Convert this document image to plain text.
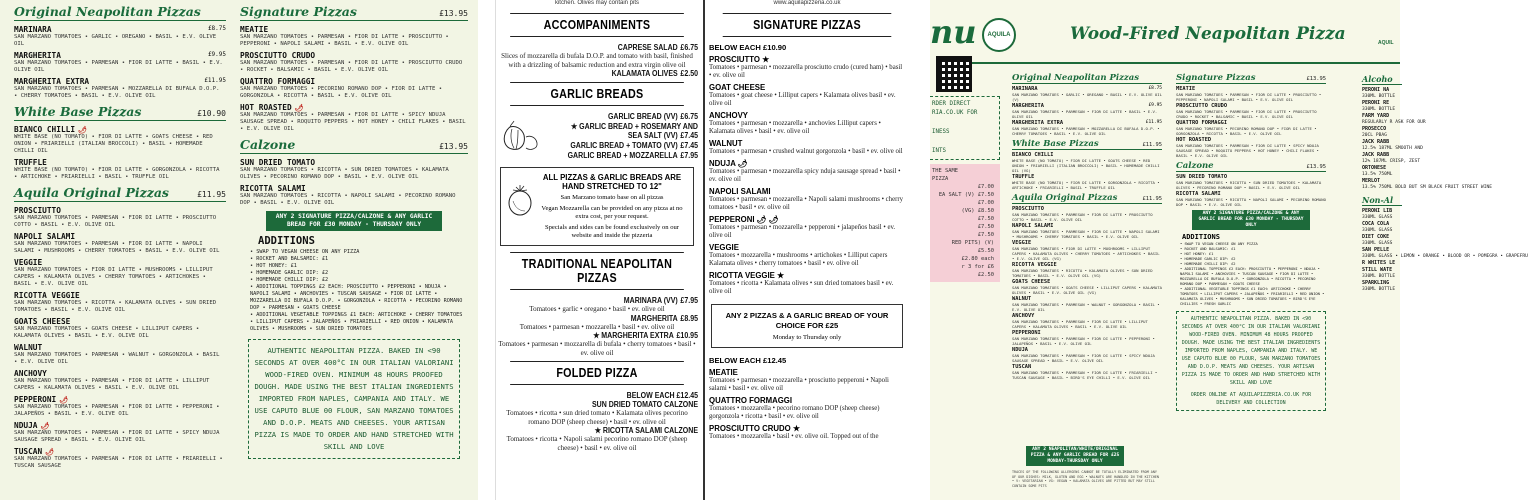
Original Neapolitan Pizzas
MARINARA	£8.75
SAN MARZANO TOMATOES • GARLIC • OREGANO • BASIL • E.V. OLIVE OIL
MARGHERITA	£9.95
SAN MARZANO TOMATOES • PARMESAN • FIOR DI LATTE • BASIL • E.V. OLIVE OIL
MARGHERITA EXTRA	£11.95
SAN MARZANO TOMATOES • PARMESAN • MOZZARELLA DI BUFALA D.O.P. • CHERRY TOMATOES • BASIL • E.V. OLIVE OIL
White Base Pizzas	£10.90
BIANCO CHILLI 🌶
WHITE BASE (NO TOMATO) • FIOR DI LATTE • GOATS CHEESE • RED ONION • FRIARIELLI (ITALIAN BROCCOLI) • BASIL • HOMEMADE CHILLI OIL
TRUFFLE
WHITE BASE (NO TOMATO) • FIOR DI LATTE • GORGONZOLA • RICOTTA • ARTICHOKE • FRIARIELLI • BASIL • TRUFFLE OIL
Aquila Original Pizzas	£11.95
PROSCIUTTO
SAN MARZANO TOMATOES • PARMESAN • FIOR DI LATTE • PROSCIUTTO COTTO • BASIL • E.V. OLIVE OIL
NAPOLI SALAMI
SAN MARZANO TOMATOES • PARMESAN • FIOR DI LATTE • NAPOLI SALAMI • MUSHROOMS • CHERRY TOMATOES • BASIL • E.V. OLIVE OIL
VEGGIE
SAN MARZANO TOMATOES • FIOR DI LATTE • MUSHROOMS • LILLIPUT CAPERS • KALAMATA OLIVES • CHERRY TOMATOES • ARTICHOKES • BASIL • E.V. OLIVE OIL
RICOTTA VEGGIE
SAN MARZANO TOMATOES • RICOTTA • KALAMATA OLIVES • SUN DRIED TOMATOES • BASIL • E.V. OLIVE OIL
GOATS CHEESE
SAN MARZANO TOMATOES • GOATS CHEESE • LILLIPUT CAPERS • KALAMATA OLIVES • BASIL • E.V. OLIVE OIL
WALNUT
SAN MARZANO TOMATOES • PARMESAN • WALNUT • GORGONZOLA • BASIL • E.V. OLIVE OIL
ANCHOVY
SAN MARZANO TOMATOES • PARMESAN • FIOR DI LATTE • LILLIPUT CAPERS • KALAMATA OLIVES • BASIL • E.V. OLIVE OIL
PEPPERONI 🌶
SAN MARZANO TOMATOES • PARMESAN • FIOR DI LATTE • PEPPERONI • JALAPEÑOS • BASIL • E.V. OLIVE OIL
NDUJA 🌶
SAN MARZANO TOMATOES • PARMESAN • FIOR DI LATTE • SPICY NDUJA SAUSAGE SPREAD • BASIL • E.V. OLIVE OIL
TUSCAN 🌶
SAN MARZANO TOMATOES • PARMESAN • FIOR DI LATTE • FRIARIELLI • TUSCAN SAUSAGE
Signature Pizzas	£13.95
MEATIE
SAN MARZANO TOMATOES • PARMESAN • FIOR DI LATTE • PROSCIUTTO • PEPPERONI • NAPOLI SALAMI • BASIL • E.V. OLIVE OIL
PROSCIUTTO CRUDO
SAN MARZANO TOMATOES • PARMESAN • FIOR DI LATTE • PROSCIUTTO CRUDO • ROCKET • BALSAMIC • BASIL • E.V. OLIVE OIL
QUATTRO FORMAGGI
SAN MARZANO TOMATOES • PECORINO ROMANO DOP • FIOR DI LATTE • GORGONZOLA • RICOTTA • BASIL • E.V. OLIVE OIL
HOT ROASTED 🌶
SAN MARZANO TOMATOES • PARMESAN • FIOR DI LATTE • SPICY NDUJA SAUSAGE SPREAD • ROQUITO PEPPERS • HOT HONEY • CHILI FLAKES • BASIL • E.V. OLIVE OIL
Calzone	£13.95
SUN DRIED TOMATO
SAN MARZANO TOMATOES • RICOTTA • SUN DRIED TOMATOES • KALAMATA OLIVES • PECORINO ROMANO DOP • BASIL • E.V. OLIVE OIL
RICOTTA SALAMI
SAN MARZANO TOMATOES • RICOTTA • NAPOLI SALAMI • PECORINO ROMANO DOP • BASIL • E.V. OLIVE OIL
ANY 2 SIGNATURE PIZZA/CALZONE & ANY GARLIC BREAD FOR £30 MONDAY - THURSDAY ONLY
ADDITIONS
• SWAP TO VEGAN CHEESE ON ANY PIZZA
• ROCKET AND BALSAMIC: £1
• HOT HONEY: £1
• HOMEMADE GARLIC DIP: £2
• HOMEMADE CHILLI DIP: £2
• ADDITIONAL TOPPINGS £2 EACH: PROSCIUTTO • PEPPERONI • NDUJA • NAPOLI SALAMI • ANCHOVIES • TUSCAN SAUSAGE • FIOR DI LATTE • MOZZARELLA DI BUFALA D.O.P. • GORGONZOLA • RICOTTA • PECORINO ROMANO DOP • PARMESAN • GOATS CHEESE
• ADDITIONAL VEGETABLE TOPPINGS £1 EACH: ARTICHOKE • CHERRY TOMATOES • LILLIPUT CAPERS • JALAPEÑOS • FRIARIELLI • RED ONION • KALAMATA OLIVES • MUSHROOMS • SUN DRIED TOMATOES
AUTHENTIC NEAPOLITAN PIZZA. BAKED IN <90 SECONDS AT OVER 400°C IN OUR ITALIAN VALORIANI WOOD-FIRED OVEN. MINIMUM 48 HOURS PROOFED DOUGH. MADE USING THE BEST ITALIAN INGREDIENTS IMPORTED FROM NAPLES, CAMPANIA AND ITALY. WE USE CAPUTO BLUE 00 FLOUR, SAN MARZANO TOMATOES AND D.O.P. MEATS AND CHEESES. YOUR ARTISAN PIZZA IS MADE TO ORDER AND HAND STRETCHED WITH SKILL AND LOVE
kitchen. Olives may contain pits
ACCOMPANIMENTS
CAPRESE SALAD £6.75
Slices of mozzarella di bufala D.O.P. and tomato with basil, finished with a drizzling of balsamic reduction and extra virgin olive oil
KALAMATA OLIVES £2.50
GARLIC BREADS
GARLIC BREAD (VV) £6.75
★ GARLIC BREAD + ROSEMARY AND SEA SALT (VV) £7.45
GARLIC BREAD + TOMATO (VV) £7.45
GARLIC BREAD + MOZZARELLA £7.95
ALL PIZZAS & GARLIC BREADS ARE HAND STRETCHED TO 12"
San Marzano tomato base on all pizzas
Vegan Mozzarella can be provided on any pizza at no extra cost, per your request.
Specials and sides can be found exclusively on our website and inside the pizzeria
TRADITIONAL NEAPOLITAN PIZZAS
MARINARA (VV) £7.95
Tomatoes • garlic • oregano • basil • ev. olive oil
MARGHERITA £8.95
Tomatoes • parmesan • mozzarella • basil • ev. olive oil
★ MARGHERITA EXTRA £10.95
Tomatoes • parmesan • mozzarella di bufala • cherry tomatoes • basil • ev. olive oil
FOLDED PIZZA
BELOW EACH £12.45
SUN DRIED TOMATO CALZONE
Tomatoes • ricotta • sun dried tomato • Kalamata olives pecorino romano DOP (sheep cheese) • basil • ev. olive oil
★ RICOTTA SALAMI CALZONE
Tomatoes • ricotta • Napoli salami pecorino romano DOP (sheep cheese) • basil • ev. olive oil
www.aquilapizzeria.co.uk
SIGNATURE PIZZAS
BELOW EACH £10.90
PROSCIUTTO ★
Tomatoes • parmesan • mozzarella prosciutto crudo (cured ham) • basil • ev. olive oil
GOAT CHEESE
Tomatoes • goat cheese • Lilliput capers • Kalamata olives basil • ev. olive oil
ANCHOVY
Tomatoes • parmesan • mozzarella • anchovies Lilliput capers • Kalamata olives • basil • ev. olive oil
WALNUT
Tomatoes • parmesan • crushed walnut gorgonzola • basil • ev. olive oil
NDUJA 🌶
Tomatoes • parmesan • mozzarella spicy nduja sausage spread • basil • ev. olive oil
NAPOLI SALAMI
Tomatoes • parmesan • mozzarella • Napoli salami mushrooms • cherry tomatoes • basil • ev. olive oil
PEPPERONI 🌶 🌶
Tomatoes • parmesan • mozzarella • pepperoni • jalapeños basil • ev. olive oil
VEGGIE
Tomatoes • mozzarella • mushrooms • artichokes • Lilliput capers Kalamata olives • cherry tomatoes • basil • ev. olive oil
RICOTTA VEGGIE ★
Tomatoes • ricotta • Kalamata olives • sun dried tomatoes basil • ev. olive oil
ANY 2 PIZZAS & A GARLIC BREAD OF YOUR CHOICE FOR £25
Monday to Thursday only
BELOW EACH £12.45
MEATIE
Tomatoes • parmesan • mozzarella • prosciutto pepperoni • Napoli salami • basil • ev. olive oil
QUATTRO FORMAGGI
Tomatoes • mozzarella • pecorino romano DOP (sheep cheese) gorgonzola • ricotta • basil • ev. olive oil
PROSCIUTTO CRUDO ★
Tomatoes • mozzarella • basil • ev. olive oil. Topped out of the
nu	AQUILA	Wood-Fired Neapolitan Pizza	AQUIL
RDER DIRECT
RIA.CO.UK FOR
INESS
INTS
THE SAME
PIZZA
£7.00
EA SALT (V) £7.50
£7.00
(VG) £8.50
£7.50
£7.50
£7.50
RED PITS) (V)
£5.50
£2.80 each
r 3 for £6
£2.50
Original Neapolitan Pizzas
MARINARA	£8.75
SAN MARZANO TOMATOES • GARLIC • OREGANO • BASIL • E.V. OLIVE OIL (V)
MARGHERITA	£9.95
SAN MARZANO TOMATOES • PARMESAN • FIOR DI LATTE • BASIL • E.V. OLIVE OIL
MARGHERITA EXTRA	£11.95
SAN MARZANO TOMATOES • PARMESAN • MOZZARELLA DI BUFALA D.O.P. • CHERRY TOMATOES • BASIL • E.V. OLIVE OIL
White Base Pizzas	£11.95
BIANCO CHILLI
WHITE BASE (NO TOMATO) • FIOR DI LATTE • GOATS CHEESE • RED ONION • FRIARIELLI (ITALIAN BROCCOLI) • BASIL • HOMEMADE CHILLI OIL (VG)
TRUFFLE
WHITE BASE (NO TOMATO) • FIOR DI LATTE • GORGONZOLA • RICOTTA • ARTICHOKE • FRIARIELLI • BASIL • TRUFFLE OIL
Aquila Original Pizzas	£11.95
PROSCIUTTO
SAN MARZANO TOMATOES • PARMESAN • FIOR DI LATTE • PROSCIUTTO COTTO • BASIL • E.V. OLIVE OIL
NAPOLI SALAMI
SAN MARZANO TOMATOES • PARMESAN • FIOR DI LATTE • NAPOLI SALAMI • MUSHROOMS • CHERRY TOMATOES • BASIL • E.V. OLIVE OIL
VEGGIE
SAN MARZANO TOMATOES • FIOR DI LATTE • MUSHROOMS • LILLIPUT CAPERS • KALAMATA OLIVES • CHERRY TOMATOES • ARTICHOKES • BASIL • E.V. OLIVE OIL (VG)
RICOTTA VEGGIE
SAN MARZANO TOMATOES • RICOTTA • KALAMATA OLIVES • SUN DRIED TOMATOES • BASIL • E.V. OLIVE OIL (VG)
GOATS CHEESE
SAN MARZANO TOMATOES • GOATS CHEESE • LILLIPUT CAPERS • KALAMATA OLIVES • BASIL • E.V. OLIVE OIL (VG)
WALNUT
SAN MARZANO TOMATOES • PARMESAN • WALNUT • GORGONZOLA • BASIL • E.V. OLIVE OIL
ANCHOVY
SAN MARZANO TOMATOES • PARMESAN • FIOR DI LATTE • LILLIPUT CAPERS • KALAMATA OLIVES • BASIL • E.V. OLIVE OIL
PEPPERONI
SAN MARZANO TOMATOES • PARMESAN • FIOR DI LATTE • PEPPERONI • JALAPEÑOS • BASIL • E.V. OLIVE OIL
NDUJA
SAN MARZANO TOMATOES • PARMESAN • FIOR DI LATTE • SPICY NDUJA SAUSAGE SPREAD • BASIL • E.V. OLIVE OIL
TUSCAN
SAN MARZANO TOMATOES • PARMESAN • FIOR DI LATTE • FRIARIELLI • TUSCAN SAUSAGE • BASIL • BIRD'S EYE CHILLI • E.V. OLIVE OIL
Signature Pizzas	£13.95
MEATIE
SAN MARZANO TOMATOES • PARMESAN • FIOR DI LATTE • PROSCIUTTO • PEPPERONI • NAPOLI SALAMI • BASIL • E.V. OLIVE OIL
PROSCIUTTO CRUDO
SAN MARZANO TOMATOES • PARMESAN • FIOR DI LATTE • PROSCIUTTO CRUDO • ROCKET • BALSAMIC • BASIL • E.V. OLIVE OIL
QUATTRO FORMAGGI
SAN MARZANO TOMATOES • PECORINO ROMANO DOP • FIOR DI LATTE • GORGONZOLA • RICOTTA • BASIL • E.V. OLIVE OIL
HOT ROASTED
SAN MARZANO TOMATOES • PARMESAN • FIOR DI LATTE • SPICY NDUJA SAUSAGE SPREAD • ROQUITO PEPPERS • HOT HONEY • CHILI FLAKES • BASIL • E.V. OLIVE OIL
Calzone	£13.95
SUN DRIED TOMATO
SAN MARZANO TOMATOES • RICOTTA • SUN DRIED TOMATOES • KALAMATA OLIVES • PECORINO ROMANO DOP • BASIL • E.V. OLIVE OIL
RICOTTA SALAMI
SAN MARZANO TOMATOES • RICOTTA • NAPOLI SALAMI • PECORINO ROMANO DOP • BASIL • E.V. OLIVE OIL
ANY 2 SIGNATURE PIZZA/CALZONE & ANY GARLIC BREAD FOR £30 MONDAY - THURSDAY ONLY
ADDITIONS
• SWAP TO VEGAN CHEESE ON ANY PIZZA
• ROCKET AND BALSAMIC: £1
• HOT HONEY: £1
• HOMEMADE GARLIC DIP: £2
• HOMEMADE CHILLI DIP: £2
• ADDITIONAL TOPPINGS £2 EACH: PROSCIUTTO • PEPPERONI • NDUJA • NAPOLI SALAMI • ANCHOVIES • TUSCAN SAUSAGE • FIOR DI LATTE • MOZZARELLA DI BUFALA D.O.P. • GORGONZOLA • RICOTTA • PECORINO ROMANO DOP • PARMESAN • GOATS CHEESE
• ADDITIONAL VEGETABLE TOPPINGS £1 EACH: ARTICHOKE • CHERRY TOMATOES • LILLIPUT CAPERS • JALAPEÑOS • FRIARIELLI • RED ONION • KALAMATA OLIVES • MUSHROOMS • SUN DRIED TOMATOES • BIRD'S EYE CHILLIES • FRESH GARLIC
AUTHENTIC NEAPOLITAN PIZZA. BAKED IN <90 SECONDS AT OVER 400°C IN OUR ITALIAN VALORIANI WOOD-FIRED OVEN. MINIMUM 48 HOURS PROOFED DOUGH. MADE USING THE BEST ITALIAN INGREDIENTS IMPORTED FROM NAPLES, CAMPANIA AND ITALY. WE USE CAPUTO BLUE 00 FLOUR, SAN MARZANO TOMATOES AND D.O.P. MEATS AND CHEESES. YOUR ARTISAN PIZZA IS MADE TO ORDER AND HAND STRETCHED WITH SKILL AND LOVE
ORDER ONLINE AT AQUILAPIZZERIA.CO.UK FOR DELIVERY AND COLLECTION
Alcoho
PERONI NA
330ML BOTTLE
PERONI RE
330ML BOTTLE
FARM YARD
REGULARLY R ASK FOR OUR
PROSECCO
20CL PBAG
JACK RABB
12.5% 187ML SMOOTH AND
JACK RABB
12% 187ML CRISP, ZEST
ORTONESE
13.5% 750ML
MERLOT
13.5% 750ML BOLD BUT SM BLACK FRUIT STREET WINE
Non-Al
PERONI LIB
330ML GLASS
COCA COLA
330ML GLASS
DIET COKE
330ML GLASS
SAN PELLE
330ML GLASS • LEMON • ORANGE • BLOOD OR • POMEGRA • GRAPEFRU
R WHITES LE
STILL WATE
330ML BOTTLE
SPARKLING
330ML BOTTLE
ANY 2 NEAPOLITAN/WHITE/ORIGINAL PIZZA & ANY GARLIC BREAD FOR £25 MONDAY-THURSDAY ONLY
TRACES OF THE FOLLOWING ALLERGENS CANNOT BE TOTALLY ELIMINATED FROM ANY OF OUR DISHES: MILK, GLUTEN AND EGG • WALNUTS ARE HANDLED IN THE KITCHEN • V: VEGETARIAN • VG: VEGAN • KALAMATA OLIVES ARE PITTED BUT MAY STILL CONTAIN SOME PITS
